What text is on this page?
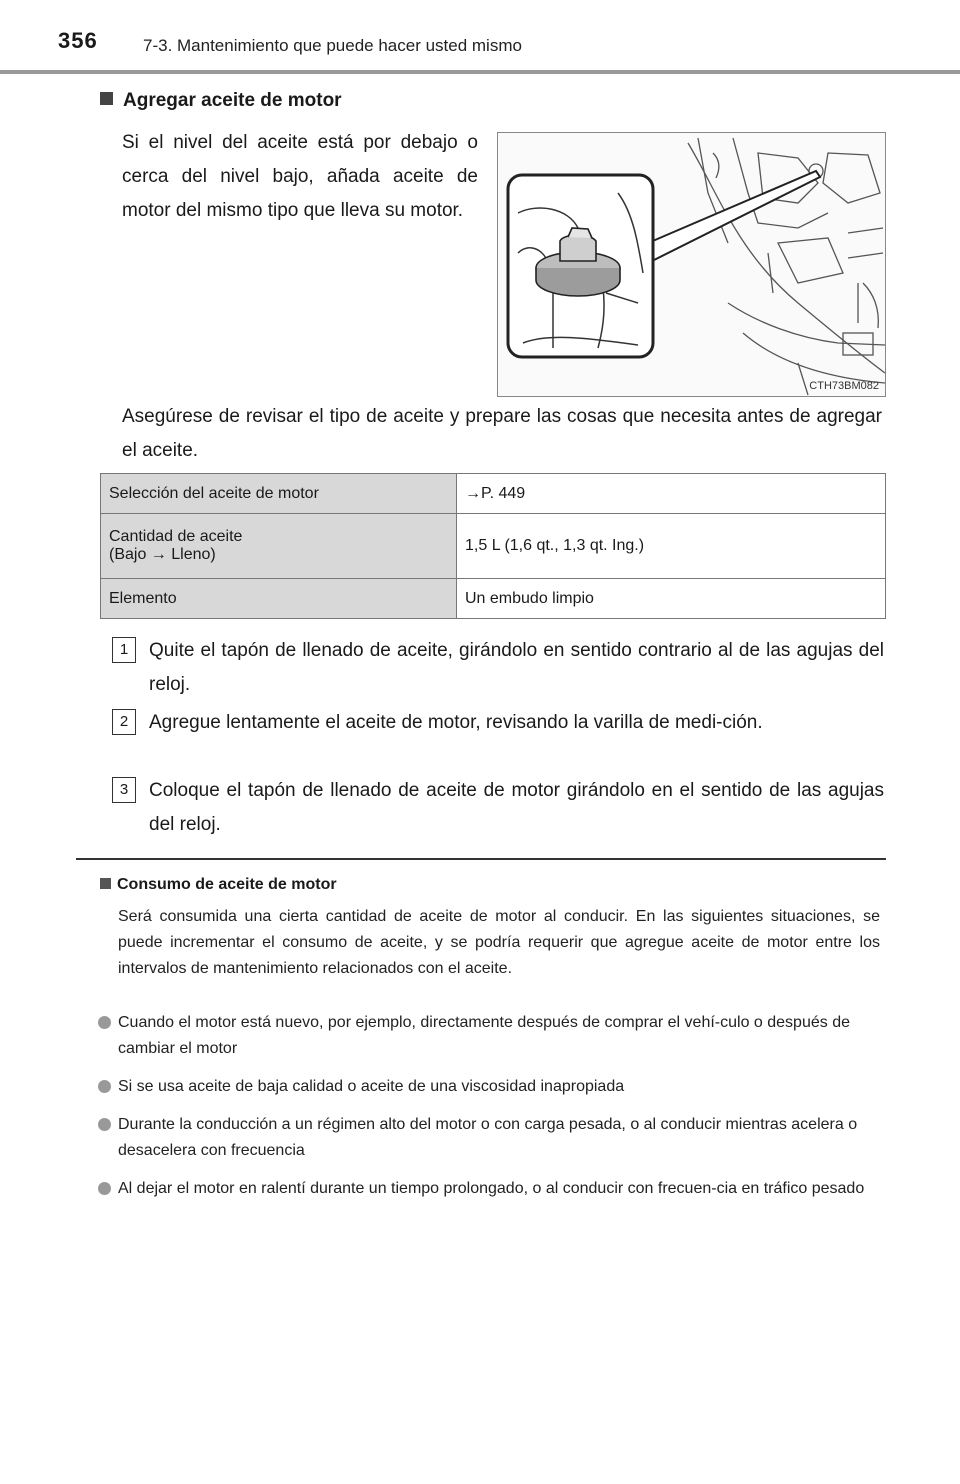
356	7-3. Mantenimiento que puede hacer usted mismo
Agregar aceite de motor
Si el nivel del aceite está por debajo o cerca del nivel bajo, añada aceite de motor del mismo tipo que lleva su motor.
CTH73BM082
Asegúrese de revisar el tipo de aceite y prepare las cosas que necesita antes de agregar el aceite.
Selección del aceite de motor	→P. 449

Cantidad de aceite
(Bajo → Lleno)	1,5 L (1,6 qt., 1,3 qt. Ing.)
Elemento	Un embudo limpio
1	Quite el tapón de llenado de aceite, girándolo en sentido contrario al de las agujas del reloj.
2	Agregue lentamente el aceite de motor, revisando la varilla de medi-ción.
3	Coloque el tapón de llenado de aceite de motor girándolo en el sentido de las agujas del reloj.
Consumo de aceite de motor
Será consumida una cierta cantidad de aceite de motor al conducir. En las siguientes situaciones, se puede incrementar el consumo de aceite, y se podría requerir que agregue aceite de motor entre los intervalos de mantenimiento relacionados con el aceite.
Cuando el motor está nuevo, por ejemplo, directamente después de comprar el vehí-culo o después de cambiar el motor
Si se usa aceite de baja calidad o aceite de una viscosidad inapropiada
Durante la conducción a un régimen alto del motor o con carga pesada, o al conducir mientras acelera o desacelera con frecuencia
Al dejar el motor en ralentí durante un tiempo prolongado, o al conducir con frecuen-cia en tráfico pesado
